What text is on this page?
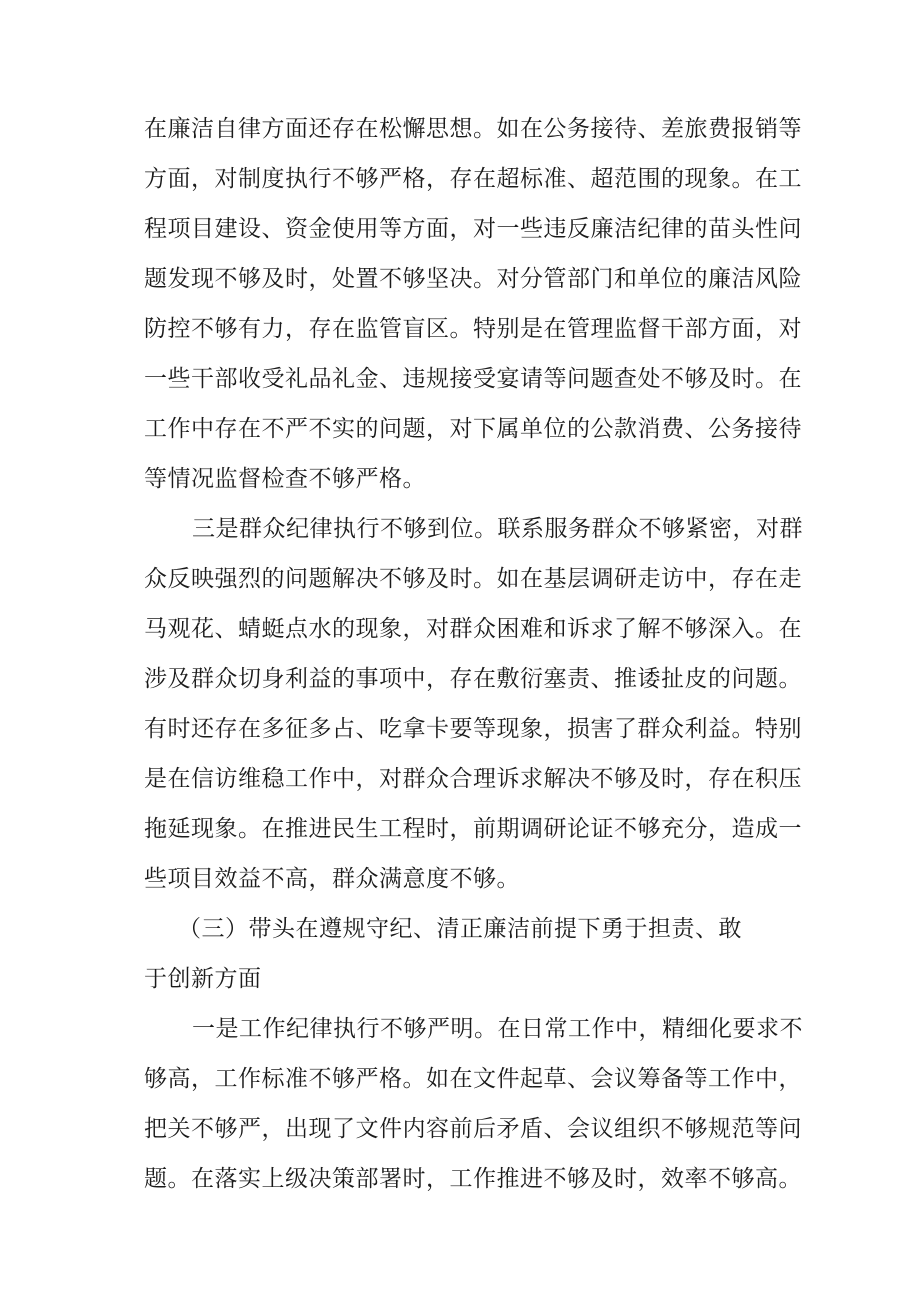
在廉洁自律方面还存在松懈思想。如在公务接待、差旅费报销等
方面，对制度执行不够严格，存在超标准、超范围的现象。在工
程项目建设、资金使用等方面，对一些违反廉洁纪律的苗头性问
题发现不够及时，处置不够坚决。对分管部门和单位的廉洁风险
防控不够有力，存在监管盲区。特别是在管理监督干部方面，对
一些干部收受礼品礼金、违规接受宴请等问题查处不够及时。在
工作中存在不严不实的问题，对下属单位的公款消费、公务接待
等情况监督检查不够严格。
三是群众纪律执行不够到位。联系服务群众不够紧密，对群
众反映强烈的问题解决不够及时。如在基层调研走访中，存在走
马观花、蜻蜓点水的现象，对群众困难和诉求了解不够深入。在
涉及群众切身利益的事项中，存在敷衍塞责、推诿扯皮的问题。
有时还存在多征多占、吃拿卡要等现象，损害了群众利益。特别
是在信访维稳工作中，对群众合理诉求解决不够及时，存在积压
拖延现象。在推进民生工程时，前期调研论证不够充分，造成一
些项目效益不高，群众满意度不够。
（三）带头在遵规守纪、清正廉洁前提下勇于担责、敢
于创新方面
一是工作纪律执行不够严明。在日常工作中，精细化要求不
够高，工作标准不够严格。如在文件起草、会议筹备等工作中，
把关不够严，出现了文件内容前后矛盾、会议组织不够规范等问
题。在落实上级决策部署时，工作推进不够及时，效率不够高。
